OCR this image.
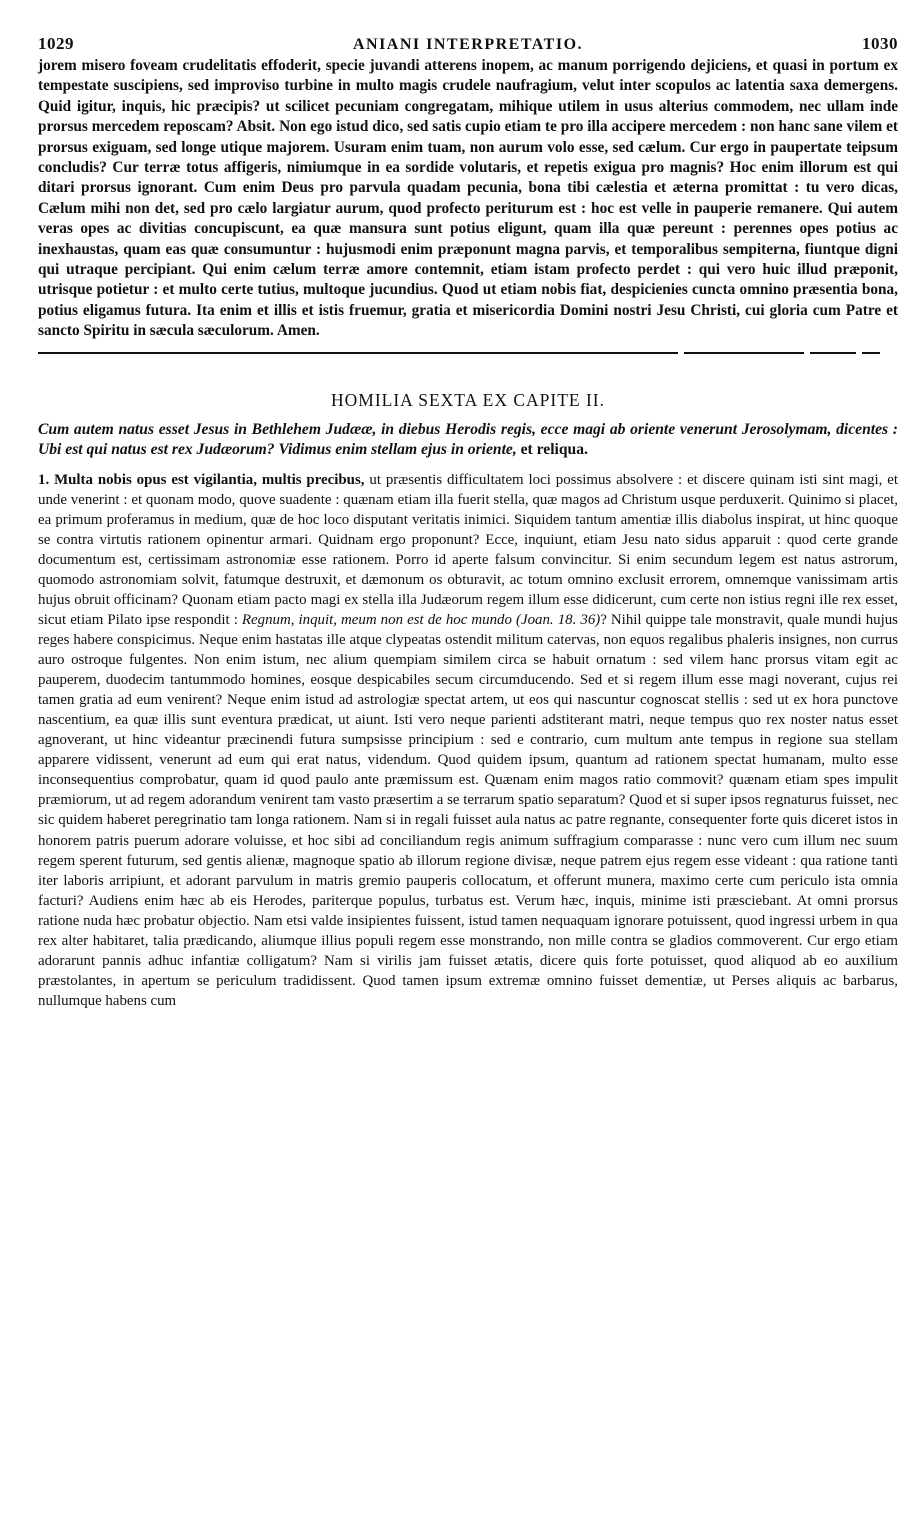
1029	ANIANI INTERPRETATIO.	1030
jorem misero foveam crudelitatis effoderit, specie juvandi atterens inopem, ac manum porrigendo dejiciens, et quasi in portum ex tempestate suscipiens, sed improviso turbine in multo magis crudele naufragium, velut inter scopulos ac latentia saxa demergens. Quid igitur, inquis, hic præcipis? ut scilicet pecuniam congregatam, mihique utilem in usus alterius commodem, nec ullam inde prorsus mercedem reposcam? Absit. Non ego istud dico, sed satis cupio etiam te pro illa accipere mercedem : non hanc sane vilem et prorsus exiguam, sed longe utique majorem. Usuram enim tuam, non aurum volo esse, sed cælum. Cur ergo in paupertate teipsum concludis? Cur terræ totus affigeris, nimiumque in ea sordide volutaris, et repetis exigua pro magnis? Hoc enim illorum est qui ditari prorsus ignorant. Cum enim Deus pro parvula quadam pecunia, bona tibi cælestia et æterna promittat : tu vero dicas, Cælum mihi non det, sed pro cælo largiatur aurum, quod profecto periturum est : hoc est velle in pauperie remanere. Qui autem veras opes ac divitias concupiscunt, ea quæ mansura sunt potius eligunt, quam illa quæ pereunt : perennes opes potius ac inexhaustas, quam eas quæ consumuntur : hujusmodi enim præponunt magna parvis, et temporalibus sempiterna, fiuntque digni qui utraque percipiant. Qui enim cælum terræ amore contemnit, etiam istam profecto perdet : qui vero huic illud præponit, utrisque potietur : et multo certe tutius, multoque jucundius. Quod ut etiam nobis fiat, despicienies cuncta omnino præsentia bona, potius eligamus futura. Ita enim et illis et istis fruemur, gratia et misericordia Domini nostri Jesu Christi, cui gloria cum Patre et sancto Spiritu in sæcula sæculorum. Amen.
HOMILIA SEXTA EX CAPITE II.
Cum autem natus esset Jesus in Bethlehem Judææ, in diebus Herodis regis, ecce magi ab oriente venerunt Jerosolymam, dicentes : Ubi est qui natus est rex Judæorum? Vidimus enim stellam ejus in oriente, et reliqua.
1. Multa nobis opus est vigilantia, multis precibus, ut præsentis difficultatem loci possimus absolvere : et discere quinam isti sint magi, et unde venerint : et quonam modo, quove suadente : quænam etiam illa fuerit stella, quæ magos ad Christum usque perduxerit. Quinimo si placet, ea primum proferamus in medium, quæ de hoc loco disputant veritatis inimici. Siquidem tantum amentiæ illis diabolus inspirat, ut hinc quoque se contra virtutis rationem opinentur armari. Quidnam ergo proponunt? Ecce, inquiunt, etiam Jesu nato sidus apparuit : quod certe grande documentum est, certissimam astronomiæ esse rationem. Porro id aperte falsum convincitur. Si enim secundum legem est natus astrorum, quomodo astronomiam solvit, fatumque destruxit, et dæmonum os obturavit, ac totum omnino exclusit errorem, omnemque vanissimam artis hujus obruit officinam? Quonam etiam pacto magi ex stella illa Judæorum regem illum esse didicerunt, cum certe non istius regni ille rex esset, sicut etiam Pilato ipse respondit : Regnum, inquit, meum non est de hoc mundo (Joan. 18. 36)? Nihil quippe tale monstravit, quale mundi hujus reges habere conspicimus. Neque enim hastatas ille atque clypeatas ostendit militum catervas, non equos regalibus phaleris insignes, non currus auro ostroque fulgentes. Non enim istum, nec alium quempiam similem circa se habuit ornatum : sed vilem hanc prorsus vitam egit ac pauperem, duodecim tantummodo homines, eosque despicabiles secum circumducendo. Sed et si regem illum esse magi noverant, cujus rei tamen gratia ad eum venirent? Neque enim istud ad astrologiæ spectat artem, ut eos qui nascuntur cognoscat stellis : sed ut ex hora punctove nascentium, ea quæ illis sunt eventura prædicat, ut aiunt. Isti vero neque parienti adstiterant matri, neque tempus quo rex noster natus esset agnoverant, ut hinc videantur præcinendi futura sumpsisse principium : sed e contrario, cum multum ante tempus in regione sua stellam apparere vidissent, venerunt ad eum qui erat natus, videndum. Quod quidem ipsum, quantum ad rationem spectat humanam, multo esse inconsequentius comprobatur, quam id quod paulo ante præmissum est. Quænam enim magos ratio commovit? quænam etiam spes impulit præmiorum, ut ad regem adorandum venirent tam vasto præsertim a se terrarum spatio separatum? Quod et si super ipsos regnaturus fuisset, nec sic quidem haberet peregrinatio tam longa rationem. Nam si in regali fuisset aula natus ac patre regnante, consequenter forte quis diceret istos in honorem patris puerum adorare voluisse, et hoc sibi ad conciliandum regis animum suffragium comparasse : nunc vero cum illum nec suum regem sperent futurum, sed gentis alienæ, magnoque spatio ab illorum regione divisæ, neque patrem ejus regem esse videant : qua ratione tanti iter laboris arripiunt, et adorant parvulum in matris gremio pauperis collocatum, et offerunt munera, maximo certe cum periculo ista omnia facturi? Audiens enim hæc ab eis Herodes, pariterque populus, turbatus est. Verum hæc, inquis, minime isti præsciebant. At omni prorsus ratione nuda hæc probatur objectio. Nam etsi valde insipientes fuissent, istud tamen nequaquam ignorare potuissent, quod ingressi urbem in qua rex alter habitaret, talia prædicando, aliumque illius populi regem esse monstrando, non mille contra se gladios commoverent. Cur ergo etiam adorarunt pannis adhuc infantiæ colligatum? Nam si virilis jam fuisset ætatis, dicere quis forte potuisset, quod aliquod ab eo auxilium præstolantes, in apertum se periculum tradidissent. Quod tamen ipsum extremæ omnino fuisset dementiæ, ut Perses aliquis ac barbarus, nullumque habens cum
